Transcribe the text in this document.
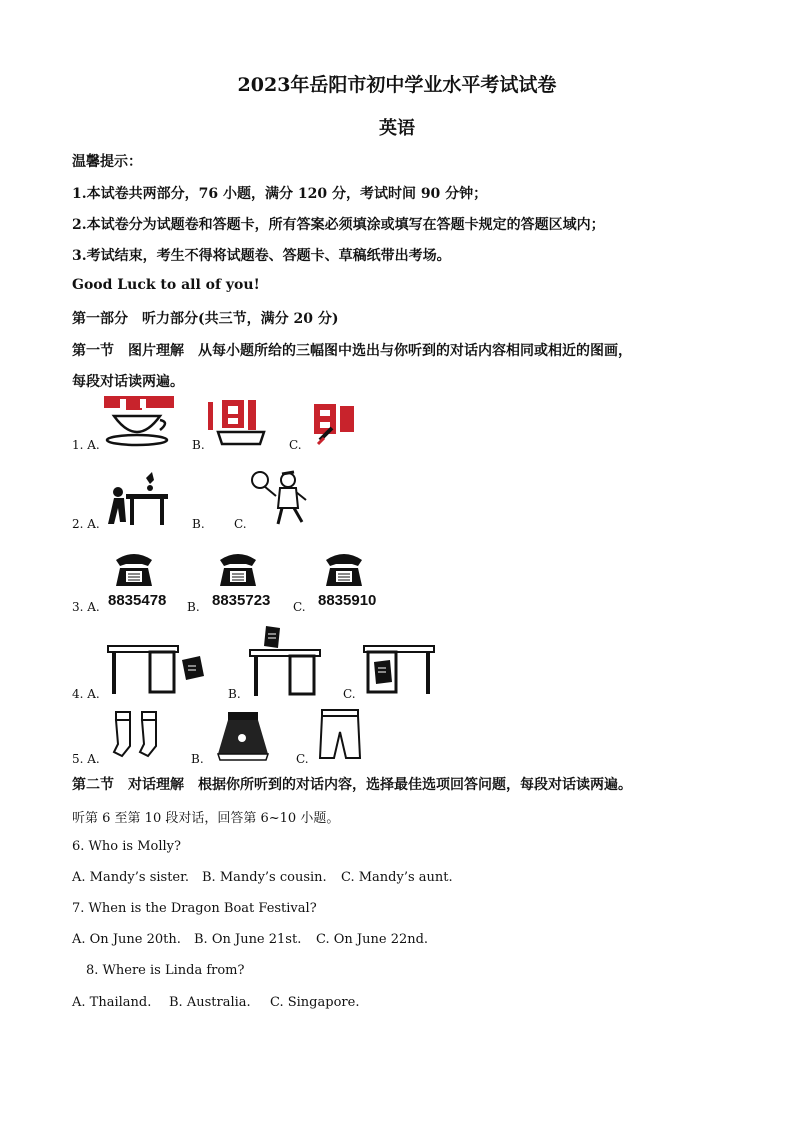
2023年岳阳市初中学业水平考试试卷
英语
温馨提示：
1.本试卷共两部分，76 小题，满分 120 分，考试时间 90 分钟；
2.本试卷分为试题卷和答题卡，所有答案必须填涂或填写在答题卡规定的答题区域内；
3.考试结束，考生不得将试题卷、答题卡、草稿纸带出考场。
Good Luck to all of you!
第一部分　听力部分(共三节，满分 20 分)
第一节　图片理解　从每小题所给的三幅图中选出与你听到的对话内容相同或相近的图画，
每段对话读两遍。
1. A.	B.	C.
2. A.	B. C.
3. A.	B.	C.
8835478	8835723	8835910
4. A.	B.	C.
5. A.	B.	C.
第二节　对话理解　根据你所听到的对话内容，选择最佳选项回答问题，每段对话读两遍。
听第 6 至第 10 段对话，回答第 6~10 小题。
6. Who is Molly?
A. Mandy’s sister. B. Mandy’s cousin. C. Mandy’s aunt.
7. When is the Dragon Boat Festival?
A. On June 20th. B. On June 21st. C. On June 22nd.
8. Where is Linda from?
A. Thailand. B. Australia. C. Singapore.
